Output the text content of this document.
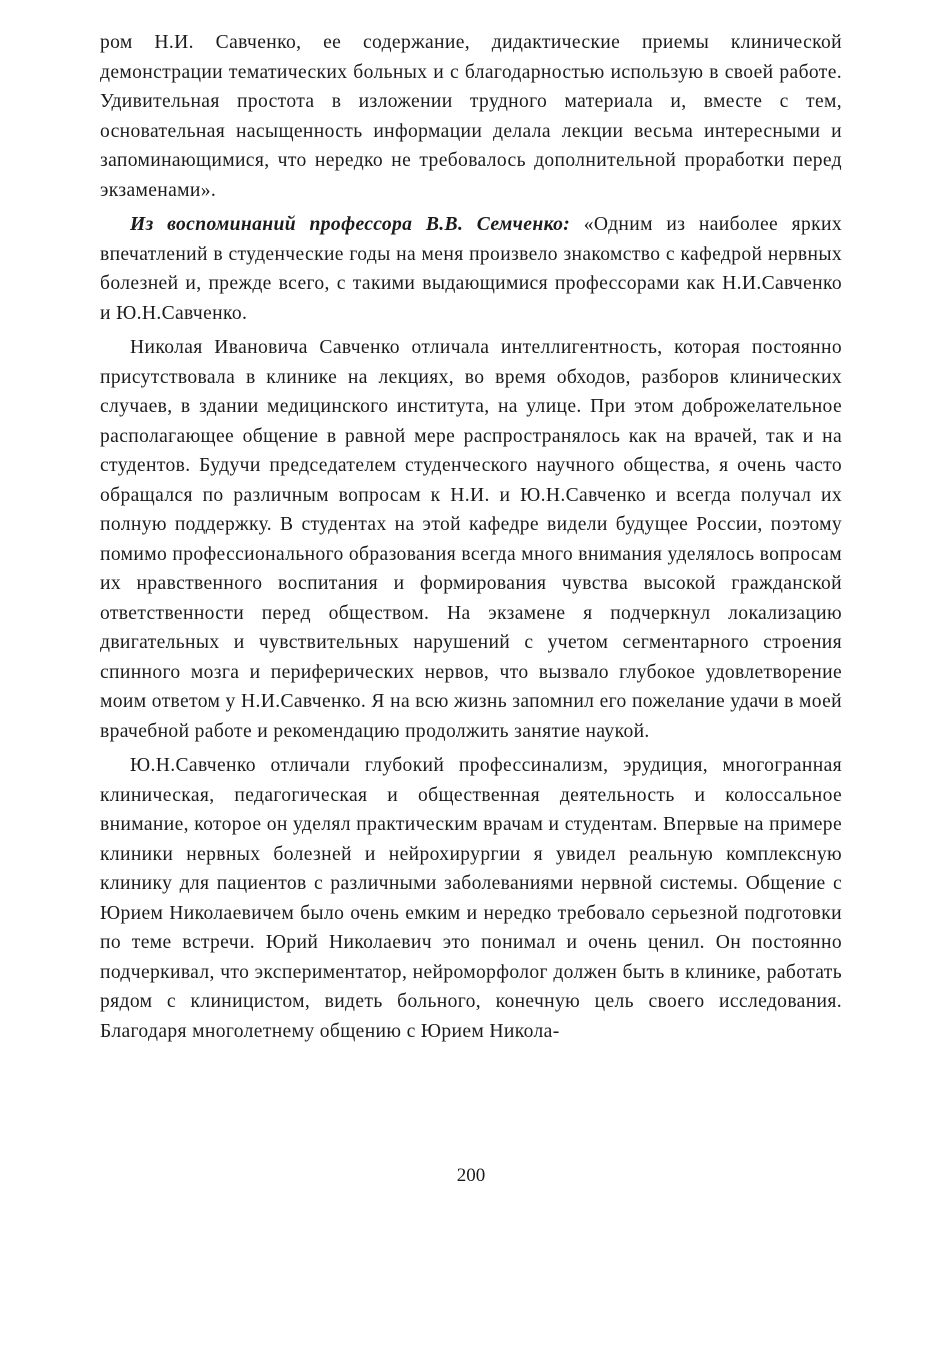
ром Н.И. Савченко, ее содержание, дидактические приемы клинической демонстрации тематических больных и с благодарностью использую в своей работе. Удивительная простота в изложении трудного материала и, вместе с тем, основательная насыщенность информации делала лекции весьма интересными и запоминающимися, что нередко не требовалось дополнительной проработки перед экзаменами».

Из воспоминаний профессора В.В. Семченко: «Одним из наиболее ярких впечатлений в студенческие годы на меня произвело знакомство с кафедрой нервных болезней и, прежде всего, с такими выдающимися профессорами как Н.И.Савченко и Ю.Н.Савченко.

Николая Ивановича Савченко отличала интеллигентность, которая постоянно присутствовала в клинике на лекциях, во время обходов, разборов клинических случаев, в здании медицинского института, на улице. При этом доброжелательное располагающее общение в равной мере распространялось как на врачей, так и на студентов. Будучи председателем студенческого научного общества, я очень часто обращался по различным вопросам к Н.И. и Ю.Н.Савченко и всегда получал их полную поддержку. В студентах на этой кафедре видели будущее России, поэтому помимо профессионального образования всегда много внимания уделялось вопросам их нравственного воспитания и формирования чувства высокой гражданской ответственности перед обществом. На экзамене я подчеркнул локализацию двигательных и чувствительных нарушений с учетом сегментарного строения спинного мозга и периферических нервов, что вызвало глубокое удовлетворение моим ответом у Н.И.Савченко. Я на всю жизнь запомнил его пожелание удачи в моей врачебной работе и рекомендацию продолжить занятие наукой.

Ю.Н.Савченко отличали глубокий профессинализм, эрудиция, многогранная клиническая, педагогическая и общественная деятельность и колоссальное внимание, которое он уделял практическим врачам и студентам. Впервые на примере клиники нервных болезней и нейрохирургии я увидел реальную комплексную клинику для пациентов с различными заболеваниями нервной системы. Общение с Юрием Николаевичем было очень емким и нередко требовало серьезной подготовки по теме встречи. Юрий Николаевич это понимал и очень ценил. Он постоянно подчеркивал, что экспериментатор, нейроморфолог должен быть в клинике, работать рядом с клиницистом, видеть больного, конечную цель своего исследования. Благодаря многолетнему общению с Юрием Никола-

200
